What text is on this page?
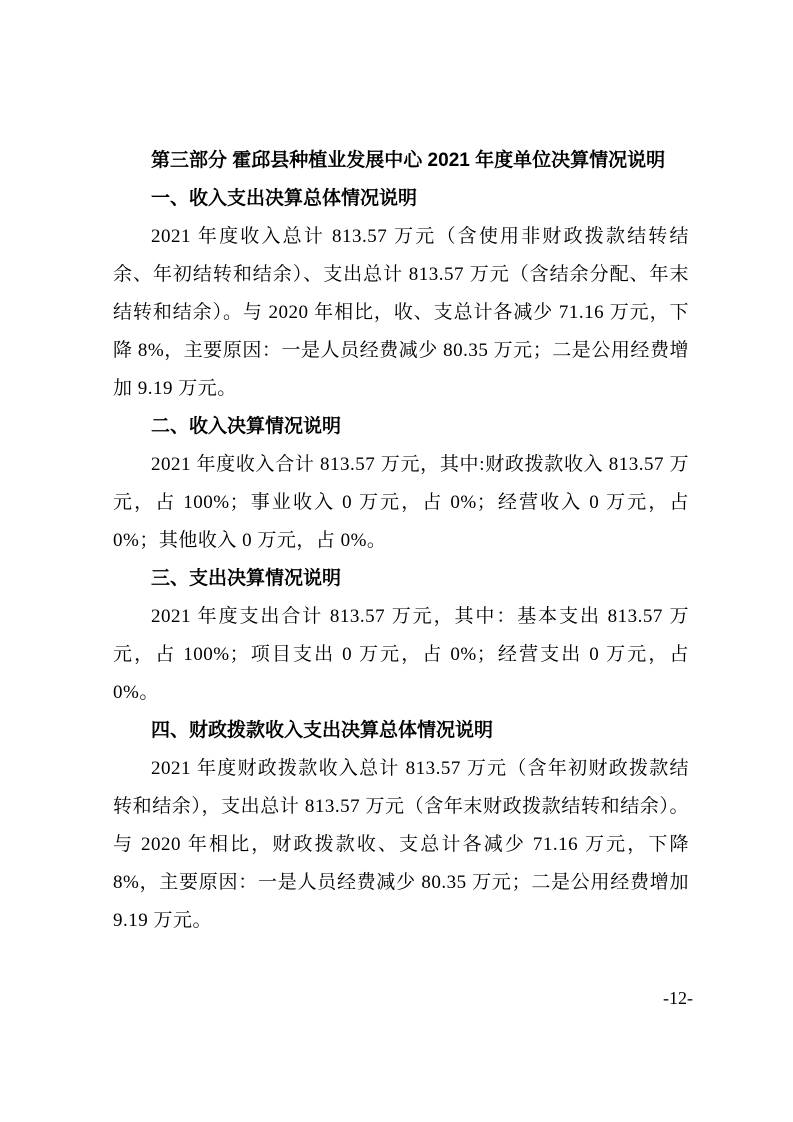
第三部分 霍邱县种植业发展中心 2021 年度单位决算情况说明
一、收入支出决算总体情况说明
2021 年度收入总计 813.57 万元（含使用非财政拨款结转结余、年初结转和结余）、支出总计 813.57 万元（含结余分配、年末结转和结余）。与 2020 年相比，收、支总计各减少 71.16 万元，下降 8%，主要原因：一是人员经费减少 80.35 万元；二是公用经费增加 9.19 万元。
二、收入决算情况说明
2021 年度收入合计 813.57 万元，其中:财政拨款收入 813.57 万元，占 100%；事业收入 0 万元，占 0%；经营收入 0 万元，占 0%；其他收入 0 万元，占 0%。
三、支出决算情况说明
2021 年度支出合计 813.57 万元，其中：基本支出 813.57 万元，占 100%；项目支出 0 万元，占 0%；经营支出 0 万元，占 0%。
四、财政拨款收入支出决算总体情况说明
2021 年度财政拨款收入总计 813.57 万元（含年初财政拨款结转和结余），支出总计 813.57 万元（含年末财政拨款结转和结余）。与 2020 年相比，财政拨款收、支总计各减少 71.16 万元，下降 8%，主要原因：一是人员经费减少 80.35 万元；二是公用经费增加 9.19 万元。
-12-
